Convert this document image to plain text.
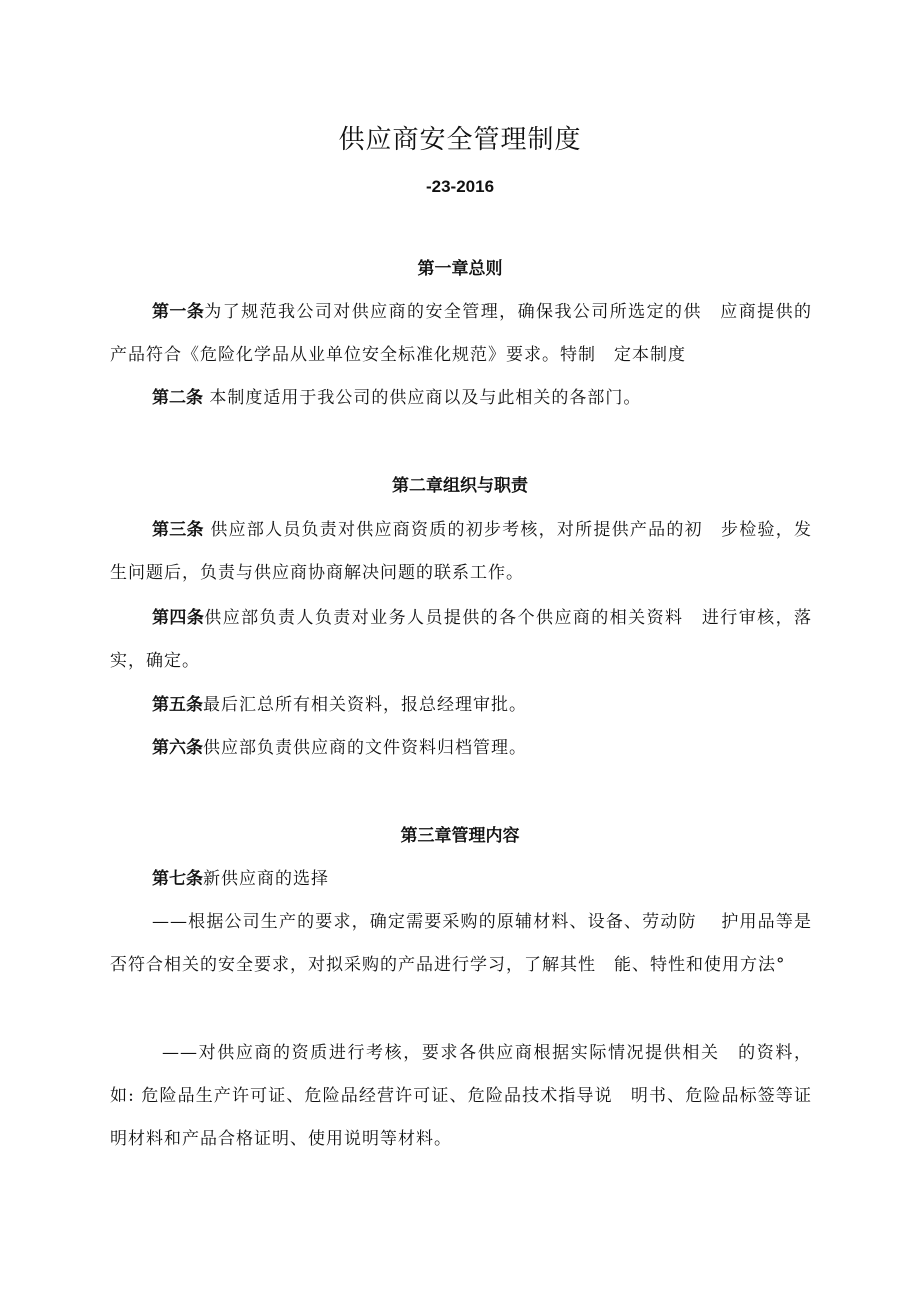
供应商安全管理制度
-23-2016
第一章总则

第一条为了规范我公司对供应商的安全管理，确保我公司所选定的供　应商提供的产品符合《危险化学品从业单位安全标准化规范》要求。特制　定本制度

第二条 本制度适用于我公司的供应商以及与此相关的各部门。

第二章组织与职责

第三条 供应部人员负责对供应商资质的初步考核，对所提供产品的初　步检验，发生问题后，负责与供应商协商解决问题的联系工作。

第四条供应部负责人负责对业务人员提供的各个供应商的相关资料　进行审核，落实，确定。

第五条最后汇总所有相关资料，报总经理审批。

第六条供应部负责供应商的文件资料归档管理。

第三章管理内容

第七条新供应商的选择

——根据公司生产的要求，确定需要采购的原辅材料、设备、劳动防　 护用品等是否符合相关的安全要求，对拟采购的产品进行学习，了解其性　能、特性和使用方法°

——对供应商的资质进行考核，要求各供应商根据实际情况提供相关　的资料，如: 危险品生产许可证、危险品经营许可证、危险品技术指导说　明书、危险品标签等证明材料和产品合格证明、使用说明等材料。
